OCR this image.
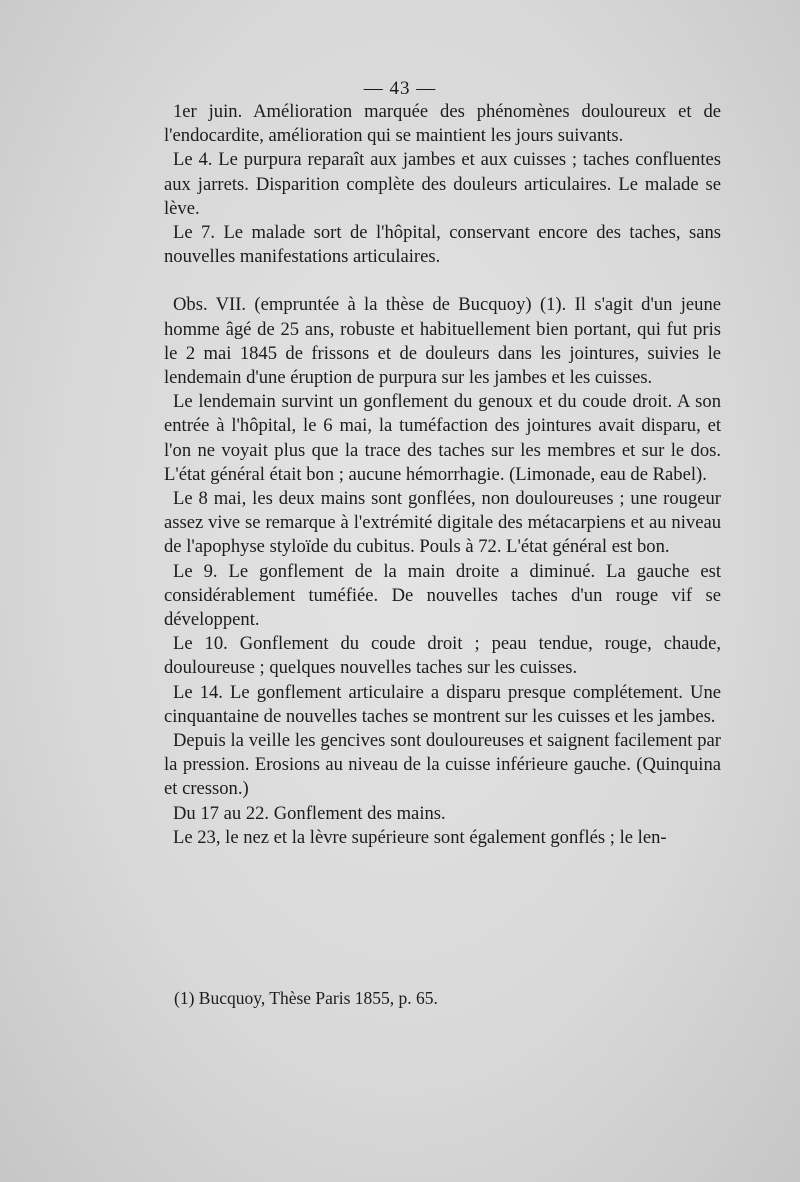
— 43 —

1er juin. Amélioration marquée des phénomènes douloureux et de l'endocardite, amélioration qui se maintient les jours suivants.

Le 4. Le purpura reparaît aux jambes et aux cuisses ; taches confluentes aux jarrets. Disparition complète des douleurs articulaires. Le malade se lève.

Le 7. Le malade sort de l'hôpital, conservant encore des taches, sans nouvelles manifestations articulaires.

Obs. VII. (empruntée à la thèse de Bucquoy) (1). Il s'agit d'un jeune homme âgé de 25 ans, robuste et habituellement bien portant, qui fut pris le 2 mai 1845 de frissons et de douleurs dans les jointures, suivies le lendemain d'une éruption de purpura sur les jambes et les cuisses.

Le lendemain survint un gonflement du genoux et du coude droit. A son entrée à l'hôpital, le 6 mai, la tuméfaction des jointures avait disparu, et l'on ne voyait plus que la trace des taches sur les membres et sur le dos. L'état général était bon ; aucune hémorrhagie. (Limonade, eau de Rabel).

Le 8 mai, les deux mains sont gonflées, non douloureuses ; une rougeur assez vive se remarque à l'extrémité digitale des métacarpiens et au niveau de l'apophyse styloïde du cubitus. Pouls à 72. L'état général est bon.

Le 9. Le gonflement de la main droite a diminué. La gauche est considérablement tuméfiée. De nouvelles taches d'un rouge vif se développent.

Le 10. Gonflement du coude droit ; peau tendue, rouge, chaude, douloureuse ; quelques nouvelles taches sur les cuisses.

Le 14. Le gonflement articulaire a disparu presque complétement. Une cinquantaine de nouvelles taches se montrent sur les cuisses et les jambes.

Depuis la veille les gencives sont douloureuses et saignent facilement par la pression. Erosions au niveau de la cuisse inférieure gauche. (Quinquina et cresson.)

Du 17 au 22. Gonflement des mains.

Le 23, le nez et la lèvre supérieure sont également gonflés ; le len-

(1) Bucquoy, Thèse Paris 1855, p. 65.
